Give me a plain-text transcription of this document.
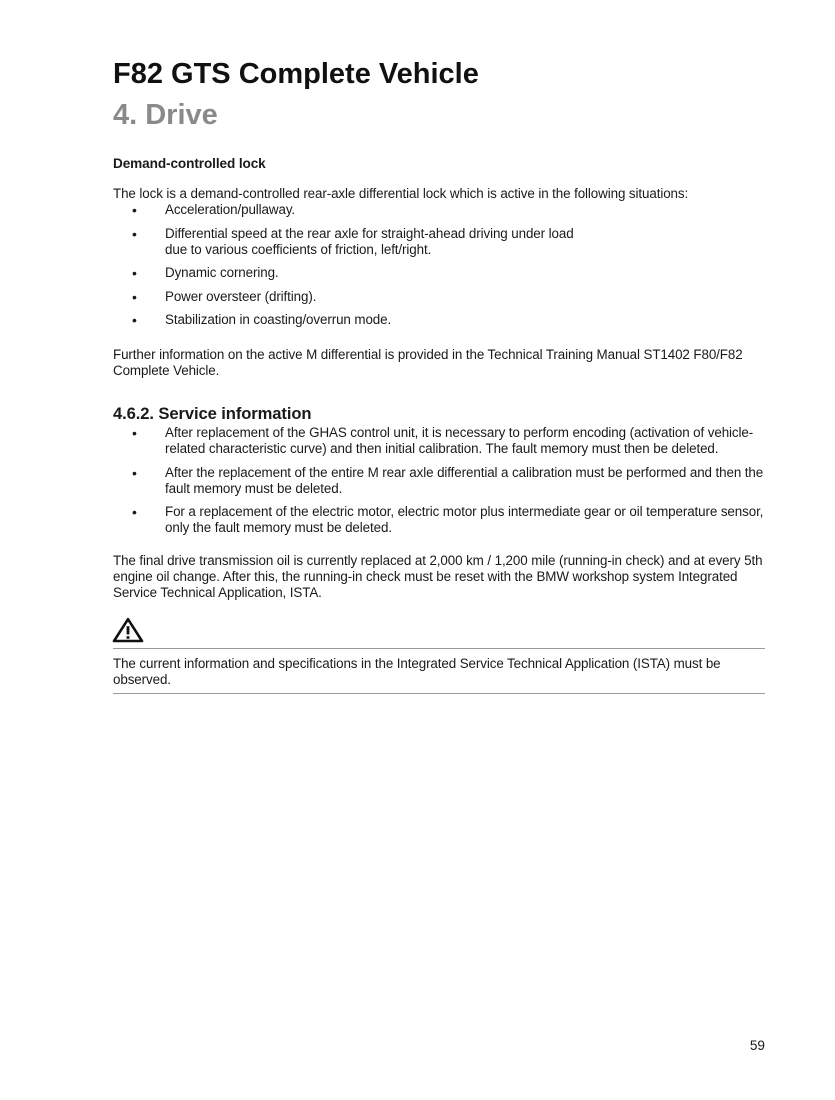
F82 GTS Complete Vehicle
4. Drive
Demand-controlled lock

The lock is a demand-controlled rear-axle differential lock which is active in the following situations:

• Acceleration/pullaway.
• Differential speed at the rear axle for straight-ahead driving under load due to various coefficients of friction, left/right.
• Dynamic cornering.
• Power oversteer (drifting).
• Stabilization in coasting/overrun mode.

Further information on the active M differential is provided in the Technical Training Manual ST1402 F80/F82 Complete Vehicle.

4.6.2. Service information
• After replacement of the GHAS control unit, it is necessary to perform encoding (activation of vehicle-related characteristic curve) and then initial calibration. The fault memory must then be deleted.
• After the replacement of the entire M rear axle differential a calibration must be performed and then the fault memory must be deleted.
• For a replacement of the electric motor, electric motor plus intermediate gear or oil temperature sensor, only the fault memory must be deleted.

The final drive transmission oil is currently replaced at 2,000 km / 1,200 mile (running-in check) and at every 5th engine oil change. After this, the running-in check must be reset with the BMW workshop system Integrated Service Technical Application, ISTA.

The current information and specifications in the Integrated Service Technical Application (ISTA) must be observed.

59
